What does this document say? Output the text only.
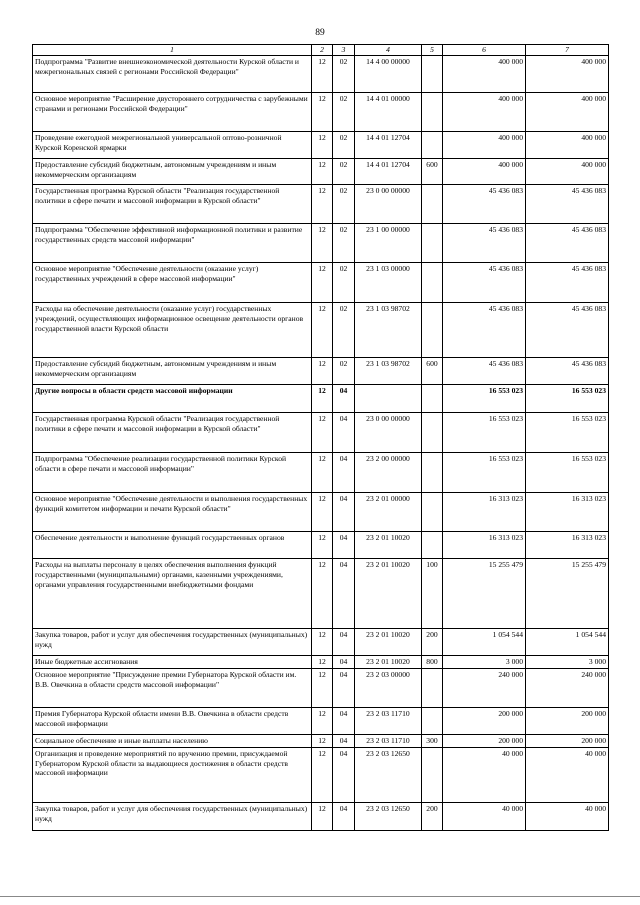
89
1	2	3	4	5	6	7
Подпрограмма "Развитие внешнеэкономической деятельности Курской области и межрегиональных связей с регионами Российской Федерации"	12	02	14 4 00 00000		400 000	400 000
Основное мероприятие "Расширение двустороннего сотрудничества с зарубежными странами и регионами Российской Федерации"	12	02	14 4 01 00000		400 000	400 000
Проведение ежегодной межрегиональной универсальной оптово-розничной Курской Коренской ярмарки	12	02	14 4 01 12704		400 000	400 000
Предоставление субсидий бюджетным, автономным учреждениям и иным некоммерческим организациям	12	02	14 4 01 12704	600	400 000	400 000
Государственная программа Курской области "Реализация государственной политики в сфере печати и массовой информации в Курской области"	12	02	23 0 00 00000		45 436 083	45 436 083
Подпрограмма "Обеспечение эффективной информационной политики и развитие государственных средств массовой информации"	12	02	23 1 00 00000		45 436 083	45 436 083
Основное мероприятие "Обеспечение деятельности (оказание услуг) государственных учреждений в сфере массовой информации"	12	02	23 1 03 00000		45 436 083	45 436 083
Расходы на обеспечение деятельности (оказание услуг) государственных учреждений, осуществляющих информационное освещение деятельности органов государственной власти Курской области	12	02	23 1 03 98702		45 436 083	45 436 083
Предоставление субсидий бюджетным, автономным учреждениям и иным некоммерческим организациям	12	02	23 1 03 98702	600	45 436 083	45 436 083
Другие вопросы в области средств массовой информации	12	04			16 553 023	16 553 023
Государственная программа Курской области "Реализация государственной политики в сфере печати и массовой информации в Курской области"	12	04	23 0 00 00000		16 553 023	16 553 023
Подпрограмма "Обеспечение реализации государственной политики Курской области в сфере печати и массовой информации"	12	04	23 2 00 00000		16 553 023	16 553 023
Основное мероприятие "Обеспечение деятельности и выполнения государственных функций комитетом информации и печати Курской области"	12	04	23 2 01 00000		16 313 023	16 313 023
Обеспечение деятельности и выполнение функций государственных органов	12	04	23 2 01 10020		16 313 023	16 313 023
Расходы на выплаты персоналу в целях обеспечения выполнения функций государственными (муниципальными) органами, казенными учреждениями, органами управления государственными внебюджетными фондами	12	04	23 2 01 10020	100	15 255 479	15 255 479
Закупка товаров, работ и услуг для обеспечения государственных (муниципальных) нужд	12	04	23 2 01 10020	200	1 054 544	1 054 544
Иные бюджетные ассигнования	12	04	23 2 01 10020	800	3 000	3 000
Основное мероприятие "Присуждение премии Губернатора Курской области им. В.В. Овечкина в области средств массовой информации"	12	04	23 2 03 00000		240 000	240 000
Премия Губернатора Курской области имени В.В. Овечкина в области средств массовой информации	12	04	23 2 03 11710		200 000	200 000
Социальное обеспечение и иные выплаты населению	12	04	23 2 03 11710	300	200 000	200 000
Организация и проведение мероприятий по вручению премии, присуждаемой Губернатором Курской области за выдающиеся достижения в области средств массовой информации	12	04	23 2 03 12650		40 000	40 000
Закупка товаров, работ и услуг для обеспечения государственных (муниципальных) нужд	12	04	23 2 03 12650	200	40 000	40 000
